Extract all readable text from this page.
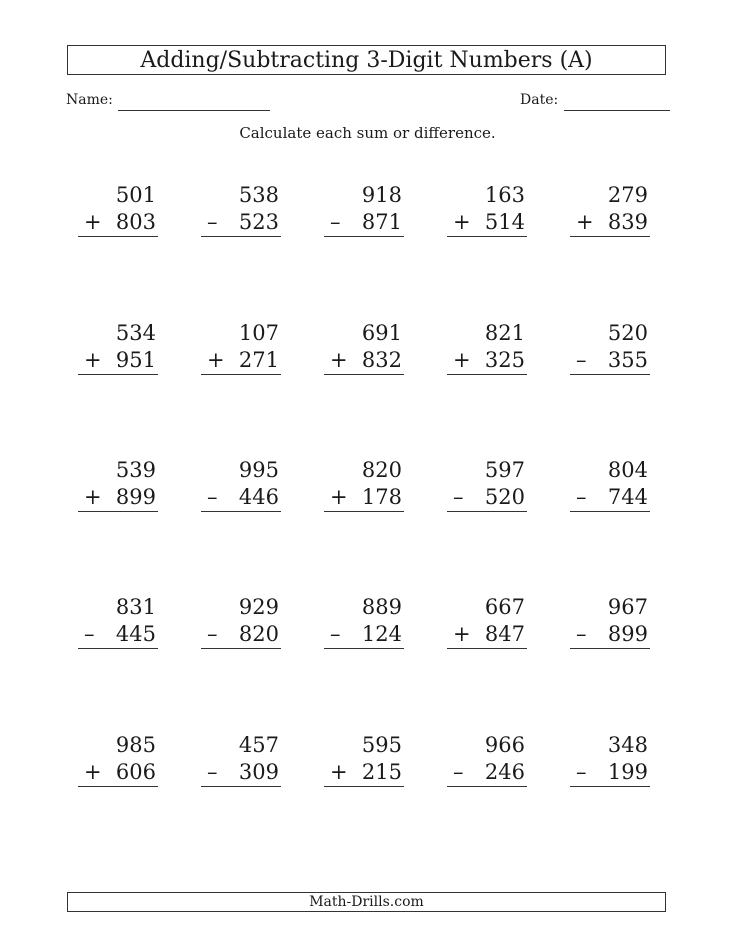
Adding/Subtracting 3-Digit Numbers (A)
Name:	Date:
Calculate each sum or difference.
501
+ 803
538
– 523
918
– 871
163
+ 514
279
+ 839
534
+ 951
107
+ 271
691
+ 832
821
+ 325
520
– 355
539
+ 899
995
– 446
820
+ 178
597
– 520
804
– 744
831
– 445
929
– 820
889
– 124
667
+ 847
967
– 899
985
+ 606
457
– 309
595
+ 215
966
– 246
348
– 199
Math-Drills.com
